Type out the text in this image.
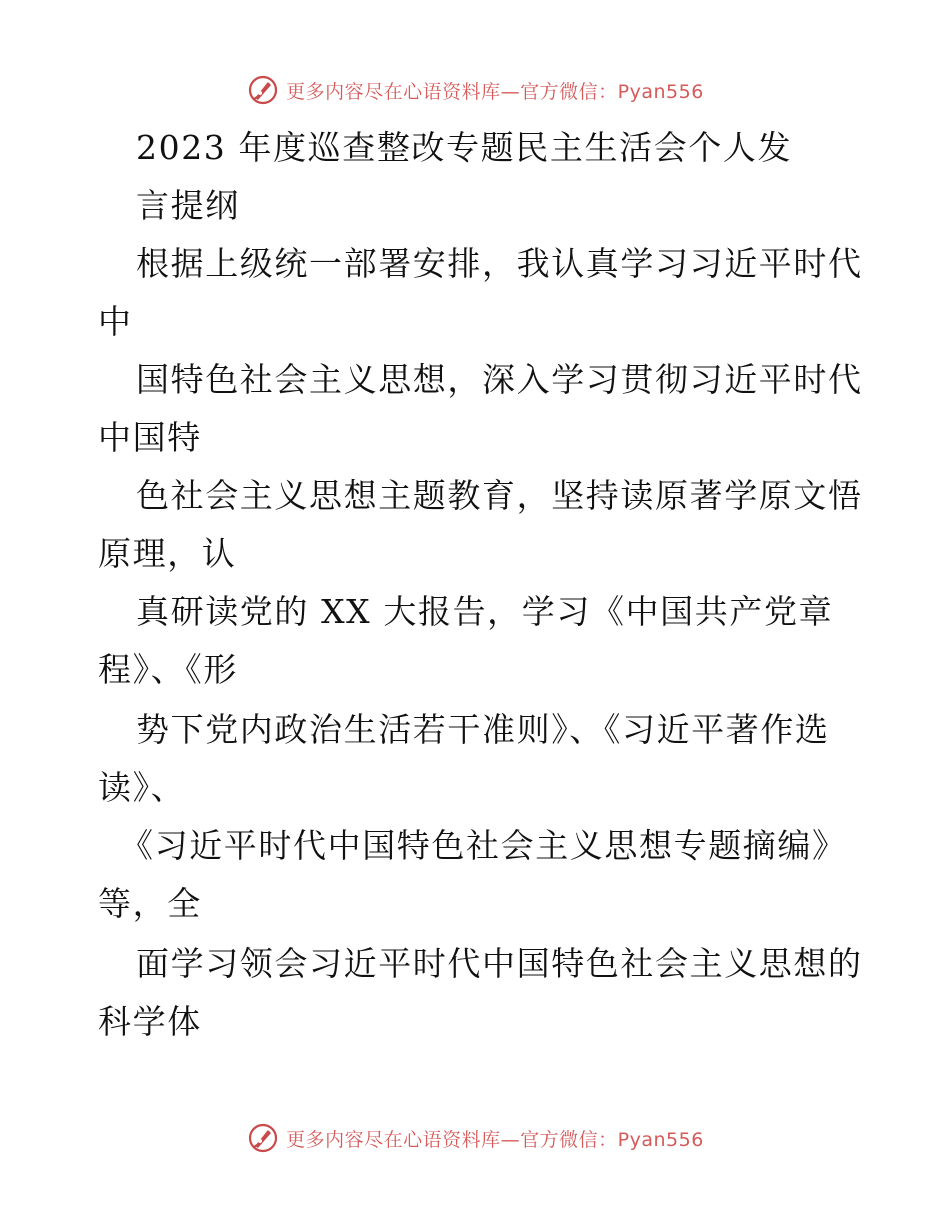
更多内容尽在心语资料库—官方微信：Pyan556
2023 年度巡查整改专题民主生活会个人发
言提纲
根据上级统一部署安排，我认真学习习近平时代
中
国特色社会主义思想，深入学习贯彻习近平时代
中国特
色社会主义思想主题教育，坚持读原著学原文悟
原理，认
真研读党的 XX 大报告，学习《中国共产党章
程》、《形
势下党内政治生活若干准则》、《习近平著作选
读》、
《习近平时代中国特色社会主义思想专题摘编》
等，全
面学习领会习近平时代中国特色社会主义思想的
科学体
更多内容尽在心语资料库—官方微信：Pyan556
